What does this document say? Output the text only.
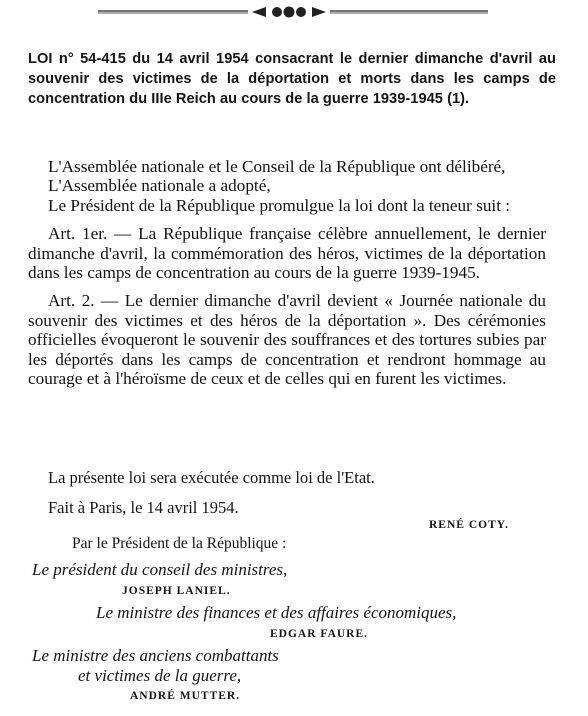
LOI n° 54-415 du 14 avril 1954 consacrant le dernier dimanche d'avril au souvenir des victimes de la déportation et morts dans les camps de concentration du IIIe Reich au cours de la guerre 1939-1945 (1).

L'Assemblée nationale et le Conseil de la République ont délibéré,

L'Assemblée nationale a adopté,

Le Président de la République promulgue la loi dont la teneur suit :

Art. 1er. — La République française célèbre annuellement, le dernier dimanche d'avril, la commémoration des héros, victimes de la déportation dans les camps de concentration au cours de la guerre 1939-1945.

Art. 2. — Le dernier dimanche d'avril devient « Journée nationale du souvenir des victimes et des héros de la déportation ». Des cérémonies officielles évoqueront le souvenir des souffrances et des tortures subies par les déportés dans les camps de concentration et rendront hommage au courage et à l'héroïsme de ceux et de celles qui en furent les victimes.

La présente loi sera exécutée comme loi de l'Etat.
Fait à Paris, le 14 avril 1954.
RENÉ COTY.
Par le Président de la République :
Le président du conseil des ministres,
JOSEPH LANIEL.
Le ministre des finances et des affaires économiques,
EDGAR FAURE.
Le ministre des anciens combattants
et victimes de la guerre,
ANDRÉ MUTTER.
